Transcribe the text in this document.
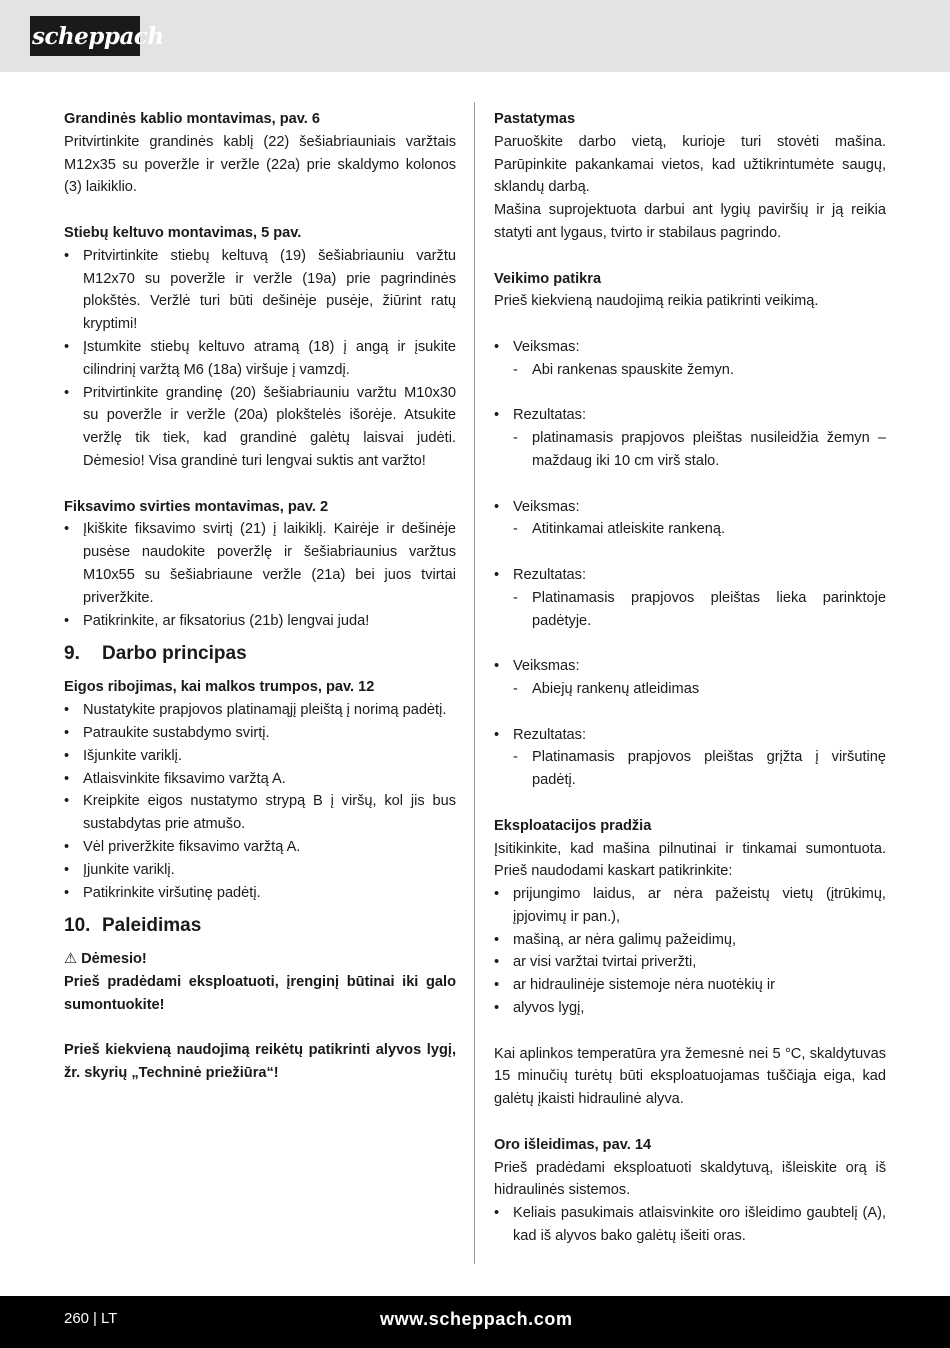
scheppach
Grandinės kablio montavimas, pav. 6

Pritvirtinkite grandinės kablį (22) šešiabriauniais varžtais M12x35 su poveržle ir veržle (22a) prie skaldymo kolonos (3) laikiklio.

Stiebų keltuvo montavimas, 5 pav.
• Pritvirtinkite stiebų keltuvą (19) šešiabriauniu varžtu M12x70 su poveržle ir veržle (19a) prie pagrindinės plokštės. Veržlė turi būti dešinėje pusėje, žiūrint ratų kryptimi!
• Įstumkite stiebų keltuvo atramą (18) į angą ir įsukite cilindrinį varžtą M6 (18a) viršuje į vamzdį.
• Pritvirtinkite grandinę (20) šešiabriauniu varžtu M10x30 su poveržle ir veržle (20a) plokštelės išorėje. Atsukite veržlę tik tiek, kad grandinė galėtų laisvai judėti. Dėmesio! Visa grandinė turi lengvai suktis ant varžto!
Fiksavimo svirties montavimas, pav. 2
• Įkiškite fiksavimo svirtį (21) į laikiklį. Kairėje ir dešinėje pusėse naudokite poveržlę ir šešiabriaunius varžtus M10x55 su šešiabriaune veržle (21a) bei juos tvirtai priveržkite.
• Patikrinkite, ar fiksatorius (21b) lengvai juda!
9.	Darbo principas
Eigos ribojimas, kai malkos trumpos, pav. 12
• Nustatykite prapjovos platinamąjį pleištą į norimą padėtį.
• Patraukite sustabdymo svirtį.
• Išjunkite variklį.
• Atlaisvinkite fiksavimo varžtą A.
• Kreipkite eigos nustatymo strypą B į viršų, kol jis bus sustabdytas prie atmušo.
• Vėl priveržkite fiksavimo varžtą A.
• Įjunkite variklį.
• Patikrinkite viršutinę padėtį.
10. Paleidimas
⚠ Dėmesio!

Prieš pradėdami eksploatuoti, įrenginį būtinai iki galo sumontuokite!

Prieš kiekvieną naudojimą reikėtų patikrinti alyvos lygį, žr. skyrių „Techninė priežiūra“!

Pastatymas

Paruoškite darbo vietą, kurioje turi stovėti mašina. Parūpinkite pakankamai vietos, kad užtikrintumėte saugų, sklandų darbą.

Mašina suprojektuota darbui ant lygių paviršių ir ją reikia statyti ant lygaus, tvirto ir stabilaus pagrindo.

Veikimo patikra

Prieš kiekvieną naudojimą reikia patikrinti veikimą.

• Veiksmas:
- Abi rankenas spauskite žemyn.
• Rezultatas:
- platinamasis prapjovos pleištas nusileidžia žemyn – maždaug iki 10 cm virš stalo.
• Veiksmas:
- Atitinkamai atleiskite rankeną.
• Rezultatas:
- Platinamasis prapjovos pleištas lieka parinktoje padėtyje.
• Veiksmas:
- Abiejų rankenų atleidimas
• Rezultatas:
- Platinamasis prapjovos pleištas grįžta į viršutinę padėtį.
Eksploatacijos pradžia

Įsitikinkite, kad mašina pilnutinai ir tinkamai sumontuota. Prieš naudodami kaskart patikrinkite:

• prijungimo laidus, ar nėra pažeistų vietų (įtrūkimų, įpjovimų ir pan.),
• mašiną, ar nėra galimų pažeidimų,
• ar visi varžtai tvirtai priveržti,
• ar hidraulinėje sistemoje nėra nuotėkių ir
• alyvos lygį,

Kai aplinkos temperatūra yra žemesnė nei 5 °C, skaldytuvas 15 minučių turėtų būti eksploatuojamas tuščiąja eiga, kad galėtų įkaisti hidraulinė alyva.

Oro išleidimas, pav. 14

Prieš pradėdami eksploatuoti skaldytuvą, išleiskite orą iš hidraulinės sistemos.

• Keliais pasukimais atlaisvinkite oro išleidimo gaubtelį (A), kad iš alyvos bako galėtų išeiti oras.
260 | LT	www.scheppach.com
